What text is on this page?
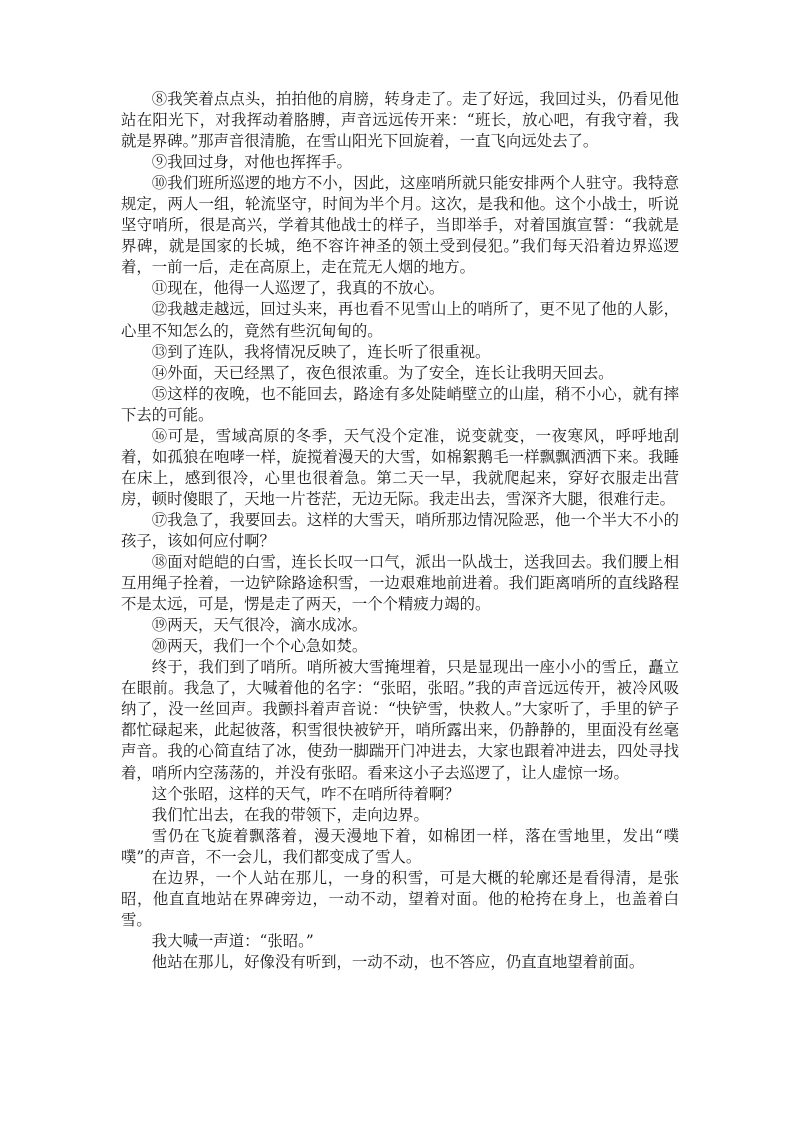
⑧我笑着点点头，拍拍他的肩膀，转身走了。走了好远，我回过头，仍看见他站在阳光下，对我挥动着胳膊，声音远远传开来：“班长，放心吧，有我守着，我就是界碑。”那声音很清脆，在雪山阳光下回旋着，一直飞向远处去了。

⑨我回过身，对他也挥挥手。

⑩我们班所巡逻的地方不小，因此，这座哨所就只能安排两个人驻守。我特意规定，两人一组，轮流坚守，时间为半个月。这次，是我和他。这个小战士，听说坚守哨所，很是高兴，学着其他战士的样子，当即举手，对着国旗宣誓：“我就是界碑，就是国家的长城，绝不容许神圣的领土受到侵犯。”我们每天沿着边界巡逻着，一前一后，走在高原上，走在荒无人烟的地方。

⑪现在，他得一人巡逻了，我真的不放心。

⑫我越走越远，回过头来，再也看不见雪山上的哨所了，更不见了他的人影，心里不知怎么的，竟然有些沉甸甸的。

⑬到了连队，我将情况反映了，连长听了很重视。

⑭外面，天已经黑了，夜色很浓重。为了安全，连长让我明天回去。

⑮这样的夜晚，也不能回去，路途有多处陡峭壁立的山崖，稍不小心，就有摔下去的可能。

⑯可是，雪域高原的冬季，天气没个定准，说变就变，一夜寒风，呼呼地刮着，如孤狼在咆哮一样，旋搅着漫天的大雪，如棉絮鹅毛一样飘飘洒洒下来。我睡在床上，感到很冷，心里也很着急。第二天一早，我就爬起来，穿好衣服走出营房，顿时傻眼了，天地一片苍茫，无边无际。我走出去，雪深齐大腿，很难行走。

⑰我急了，我要回去。这样的大雪天，哨所那边情况险恶，他一个半大不小的孩子，该如何应付啊？

⑱面对皑皑的白雪，连长长叹一口气，派出一队战士，送我回去。我们腰上相互用绳子拴着，一边铲除路途积雪，一边艰难地前进着。我们距离哨所的直线路程不是太远，可是，愣是走了两天，一个个精疲力竭的。

⑲两天，天气很冷，滴水成冰。

⑳两天，我们一个个心急如焚。

终于，我们到了哨所。哨所被大雪掩埋着，只是显现出一座小小的雪丘，矗立在眼前。我急了，大喊着他的名字：“张昭，张昭。”我的声音远远传开，被冷风吸纳了，没一丝回声。我颤抖着声音说：“快铲雪，快救人。”大家听了，手里的铲子都忙碌起来，此起彼落，积雪很快被铲开，哨所露出来，仍静静的，里面没有丝毫声音。我的心简直结了冰，使劲一脚踹开门冲进去，大家也跟着冲进去，四处寻找着，哨所内空荡荡的，并没有张昭。看来这小子去巡逻了，让人虚惊一场。

这个张昭，这样的天气，咋不在哨所待着啊？

我们忙出去，在我的带领下，走向边界。

雪仍在飞旋着飘落着，漫天漫地下着，如棉团一样，落在雪地里，发出“噗噗”的声音，不一会儿，我们都变成了雪人。

在边界，一个人站在那儿，一身的积雪，可是大概的轮廓还是看得清，是张昭，他直直地站在界碑旁边，一动不动，望着对面。他的枪挎在身上，也盖着白雪。

我大喊一声道：“张昭。”

他站在那儿，好像没有听到，一动不动，也不答应，仍直直地望着前面。
